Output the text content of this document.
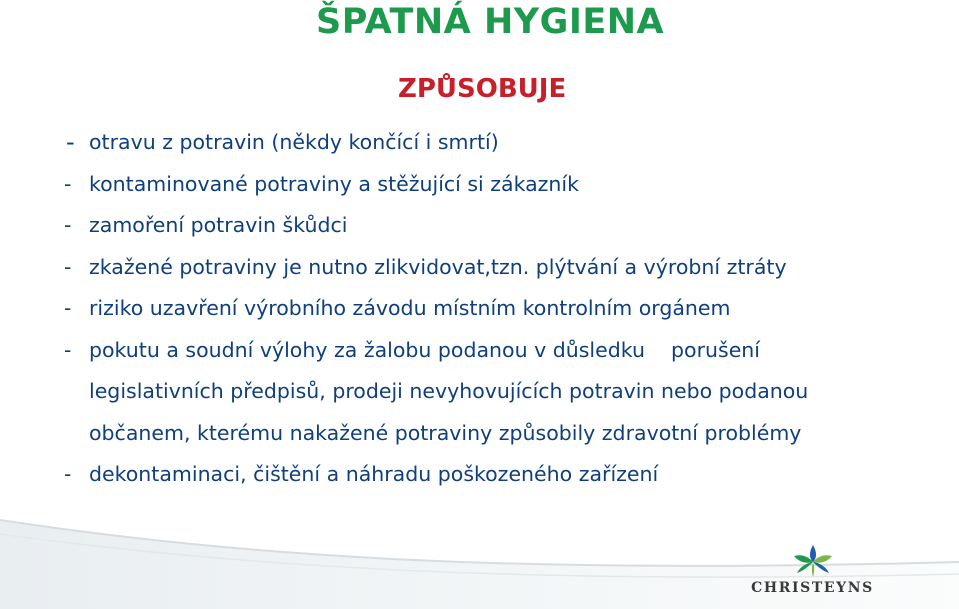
ŠPATNÁ HYGIENA
ZPŮSOBUJE
- otravu z potravin (někdy končící i smrtí)
- kontaminované potraviny a stěžující si zákazník
- zamoření potravin škůdci
- zkažené potraviny je nutno zlikvidovat,tzn. plýtvání a výrobní ztráty
- riziko uzavření výrobního závodu místním kontrolním orgánem
- pokutu a soudní výlohy za žalobu podanou v důsledku    porušení
legislativních předpisů, prodeji nevyhovujících potravin nebo podanou
občanem, kterému nakažené potraviny způsobily zdravotní problémy
- dekontaminaci, čištění a náhradu poškozeného zařízení
CHRISTEYNS
